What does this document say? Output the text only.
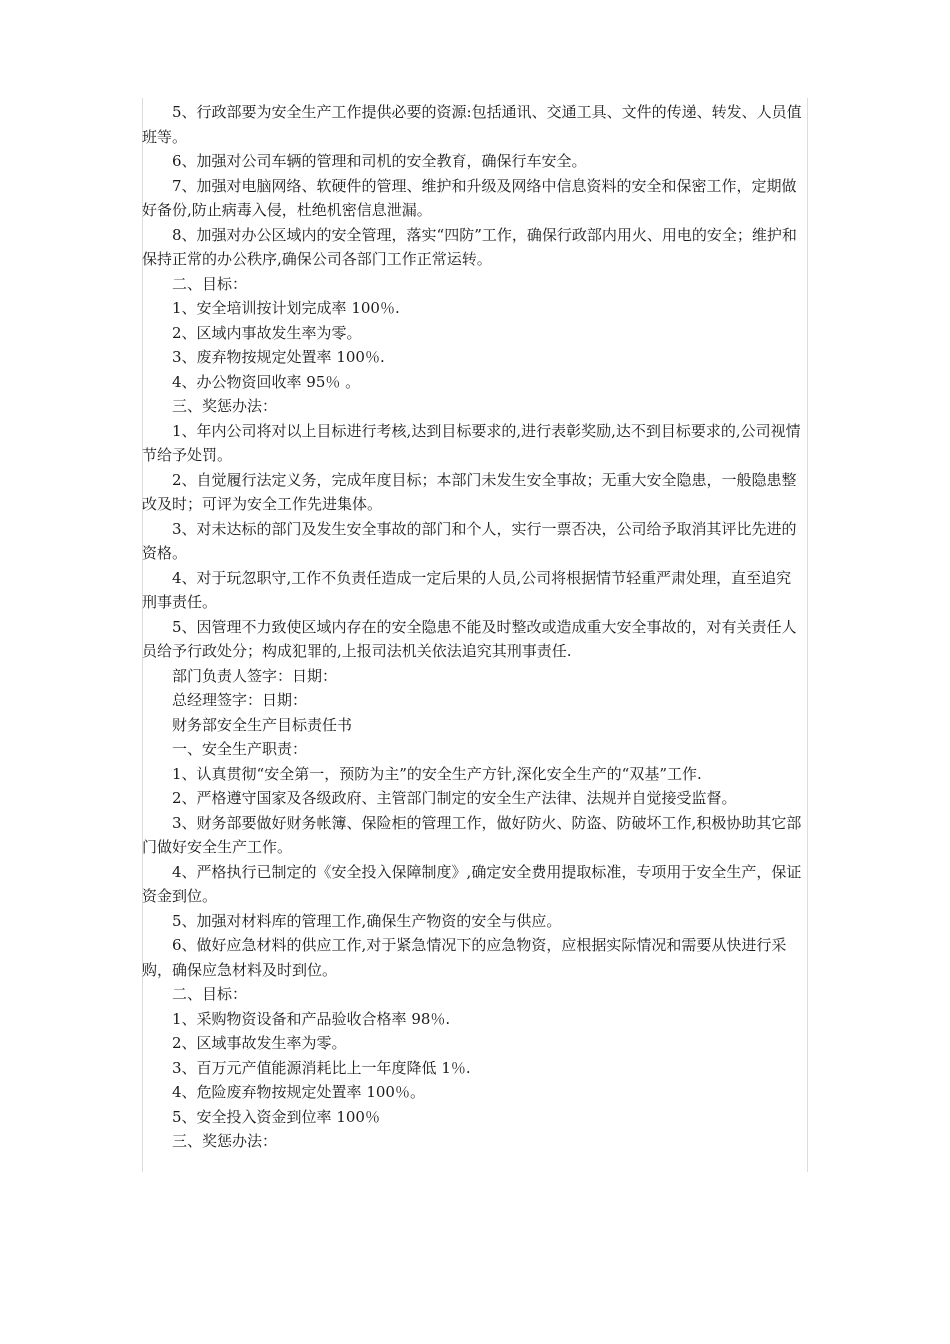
5、行政部要为安全生产工作提供必要的资源:包括通讯、交通工具、文件的传递、转发、人员值班等。

6、加强对公司车辆的管理和司机的安全教育，确保行车安全。

7、加强对电脑网络、软硬件的管理、维护和升级及网络中信息资料的安全和保密工作，定期做好备份,防止病毒入侵，杜绝机密信息泄漏。

8、加强对办公区域内的安全管理，落实“四防”工作，确保行政部内用火、用电的安全；维护和保持正常的办公秩序,确保公司各部门工作正常运转。

二、目标：

1、安全培训按计划完成率 100％.

2、区域内事故发生率为零。

3、废弃物按规定处置率 100％.

4、办公物资回收率 95％ 。

三、奖惩办法：

1、年内公司将对以上目标进行考核,达到目标要求的,进行表彰奖励,达不到目标要求的,公司视情节给予处罚。

2、自觉履行法定义务，完成年度目标；本部门未发生安全事故；无重大安全隐患，一般隐患整改及时；可评为安全工作先进集体。

3、对未达标的部门及发生安全事故的部门和个人，实行一票否决，公司给予取消其评比先进的资格。

4、对于玩忽职守,工作不负责任造成一定后果的人员,公司将根据情节轻重严肃处理，直至追究刑事责任。

5、因管理不力致使区域内存在的安全隐患不能及时整改或造成重大安全事故的，对有关责任人员给予行政处分；构成犯罪的,上报司法机关依法追究其刑事责任.

部门负责人签字：日期：

总经理签字：日期：

财务部安全生产目标责任书

一、安全生产职责：

1、认真贯彻“安全第一，预防为主”的安全生产方针,深化安全生产的“双基”工作.

2、严格遵守国家及各级政府、主管部门制定的安全生产法律、法规并自觉接受监督。

3、财务部要做好财务帐簿、保险柜的管理工作，做好防火、防盗、防破坏工作,积极协助其它部门做好安全生产工作。

4、严格执行已制定的《安全投入保障制度》,确定安全费用提取标准，专项用于安全生产，保证资金到位。

5、加强对材料库的管理工作,确保生产物资的安全与供应。

6、做好应急材料的供应工作,对于紧急情况下的应急物资，应根据实际情况和需要从快进行采购，确保应急材料及时到位。

二、目标：

1、采购物资设备和产品验收合格率 98％.

2、区域事故发生率为零。

3、百万元产值能源消耗比上一年度降低 1％.

4、危险废弃物按规定处置率 100％。

5、安全投入资金到位率 100％

三、奖惩办法：
